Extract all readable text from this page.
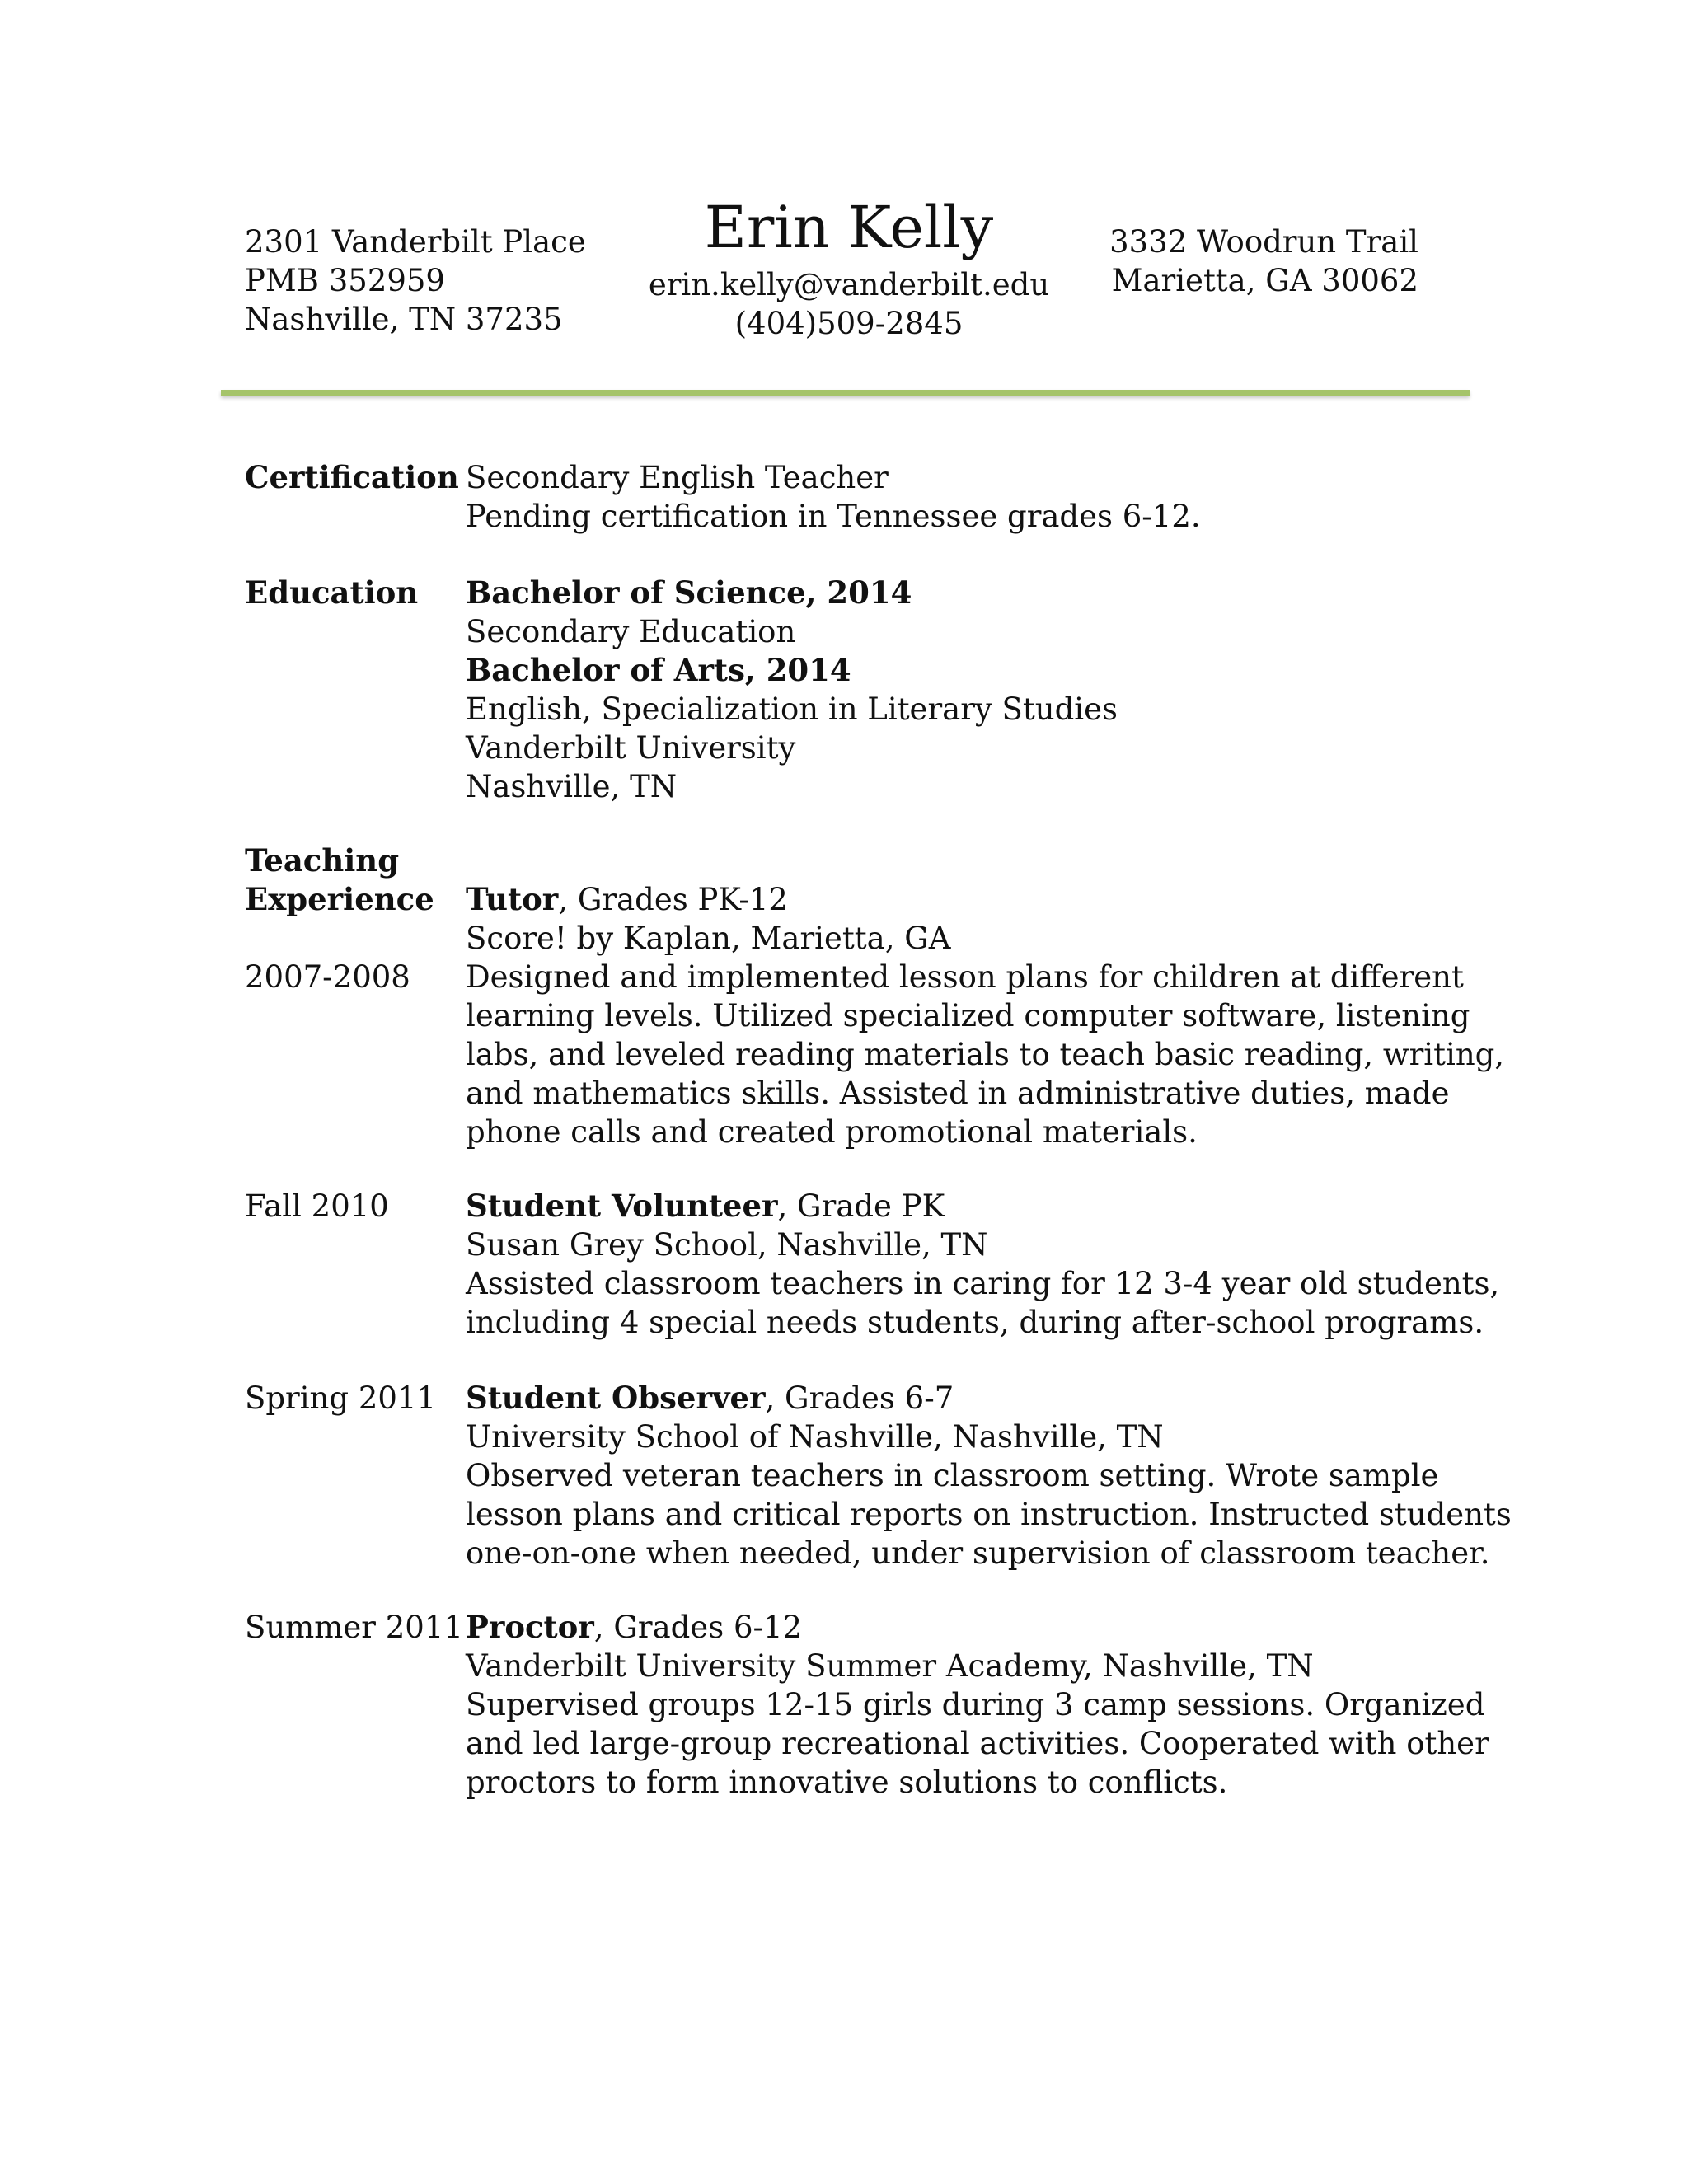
2301 Vanderbilt Place
PMB 352959
Nashville, TN 37235
Erin Kelly
erin.kelly@vanderbilt.edu
(404)509-2845
3332 Woodrun Trail
Marietta, GA 30062
Certification Secondary English Teacher
Pending certification in Tennessee grades 6-12.
Education Bachelor of Science, 2014
Secondary Education
Bachelor of Arts, 2014
English, Specialization in Literary Studies
Vanderbilt University
Nashville, TN
Teaching
Experience Tutor, Grades PK-12
Score! by Kaplan, Marietta, GA
Designed and implemented lesson plans for children at different
learning levels. Utilized specialized computer software, listening
labs, and leveled reading materials to teach basic reading, writing,
and mathematics skills. Assisted in administrative duties, made
phone calls and created promotional materials.
2007-2008
Fall 2010	Student Volunteer, Grade PK
Susan Grey School, Nashville, TN
Assisted classroom teachers in caring for 12 3-4 year old students,
including 4 special needs students, during after-school programs.
Spring 2011 Student Observer, Grades 6-7
University School of Nashville, Nashville, TN
Observed veteran teachers in classroom setting. Wrote sample
lesson plans and critical reports on instruction. Instructed students
one-on-one when needed, under supervision of classroom teacher.
Summer 2011 Proctor, Grades 6-12
Vanderbilt University Summer Academy, Nashville, TN
Supervised groups 12-15 girls during 3 camp sessions. Organized
and led large-group recreational activities. Cooperated with other
proctors to form innovative solutions to conflicts.
